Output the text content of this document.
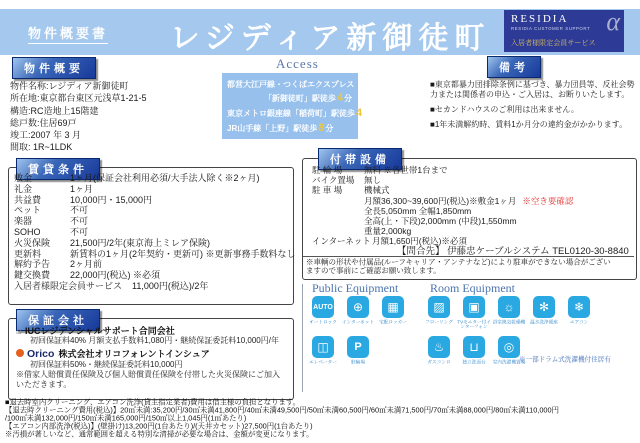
物件概要書	レジディア新御徒町
RESIDIA
RESIDIA CUSTOMER SUPPORT α
入居者様限定会員サービス
物件概要
物件名称:レジディア新御徒町
所在地:東京都台東区元浅草1-21-5
構造:RC造地上15階建
総戸数:住居69戸
竣工:2007 年 3 月
間取: 1R~1LDK
Access
都営大江戸線・つくばエクスプレス
「新御徒町」駅徒歩4分
東京メトロ銀座線「稲荷町」駅徒歩4分
JR山手線「上野」駅徒歩8分
備考
■東京都暴力団排除条例に基づき、暴力団員等、反社会勢力または関係者の申込・ご入居は、お断りいたします。
■セカンドハウスのご利用は出来ません。
■1年未満解約時、賃料1か月分の違約金がかかります。
賃貸条件
敷金	1ヶ月(保証会社利用必須/大手法人除く※2ヶ月)
礼金	1ヶ月
共益費	10,000円・15,000円
ペット	不可
楽器	不可
SOHO	不可
火災保険	21,500円/2年(東京海上ミレア保険)
更新料	新賃料の1ヶ月(2年契約・更新可) ※更新事務手数料なし
解約予告	2ヶ月前
鍵交換費	22,000円(税込) ※必須
入居者様限定会員サービス 11,000円(税込)/2年
保証会社
⌂ IUCレジデンシャルサポート合同会社
初回保証料40% 月額支払手数料1,080円・継続保証委託料10,000円/年
Orico 株式会社オリコフォレントインシュア
初回保証料50%・継続保証委託料10,000円
※借家人賠償責任保険及び個人賠償責任保険を付帯した火災保険にご加入いただきます。
付帯設備
駐 輪 場	無料 ※各世帯1台まで
バイク置場	無し
駐 車 場	機械式
月額36,300~39,600円(税込)※敷金1ヶ月 ※空き要確認
全長5,050mm 全幅1,850mm
全高(上・下段)2,000mm (中段)1,550mm
重量2,000kg
インターネット 月額1,650円(税込)※必須
【問合先】 伊藤忠ケーブルシステム TEL0120-30-8840
※車輌の形状や付属品(ルーフキャリア・アンテナなど)により駐車ができない場合がございますので事前にご確認お願い致します。
Public Equipment	Room Equipment
AUTO
オートロック
⊕
インターネット
▦
宅配ロッカー
◫
エレベーター
P
駐輪場
▨
フローリング
▣
TVモニター付インターフォン
☼
浴室換気乾燥機
✻
温水洗浄便座
❄
エアコン
♨
ガスコンロ
⊔
独立洗面台
◎
室内洗濯機置場
※一部ドラム式洗濯機付住居有
■退去時室内クリーニング、エアコン洗浄(貸主指定業者)費用は借主様の負担となります。
【退去時クリーニング費用(税込)】20㎡未満:35,200円/30㎡未満41,800円/40㎡未満49,500円/50㎡未満60,500円/60㎡未満71,500円/70㎡未満88,000円/80㎡未満110,000円
/100㎡未満132,000円/150㎡未満165,000円/150㎡以上1,045円(1㎡あたり)
【エアコン内部洗浄(税込)】(壁掛け)13,200円(1台あたり)/(天井カセット)27,500円(1台あたり)
※汚損が著しいなど、通常範囲を超える特別な清掃が必要な場合は、金額が変更になります。
